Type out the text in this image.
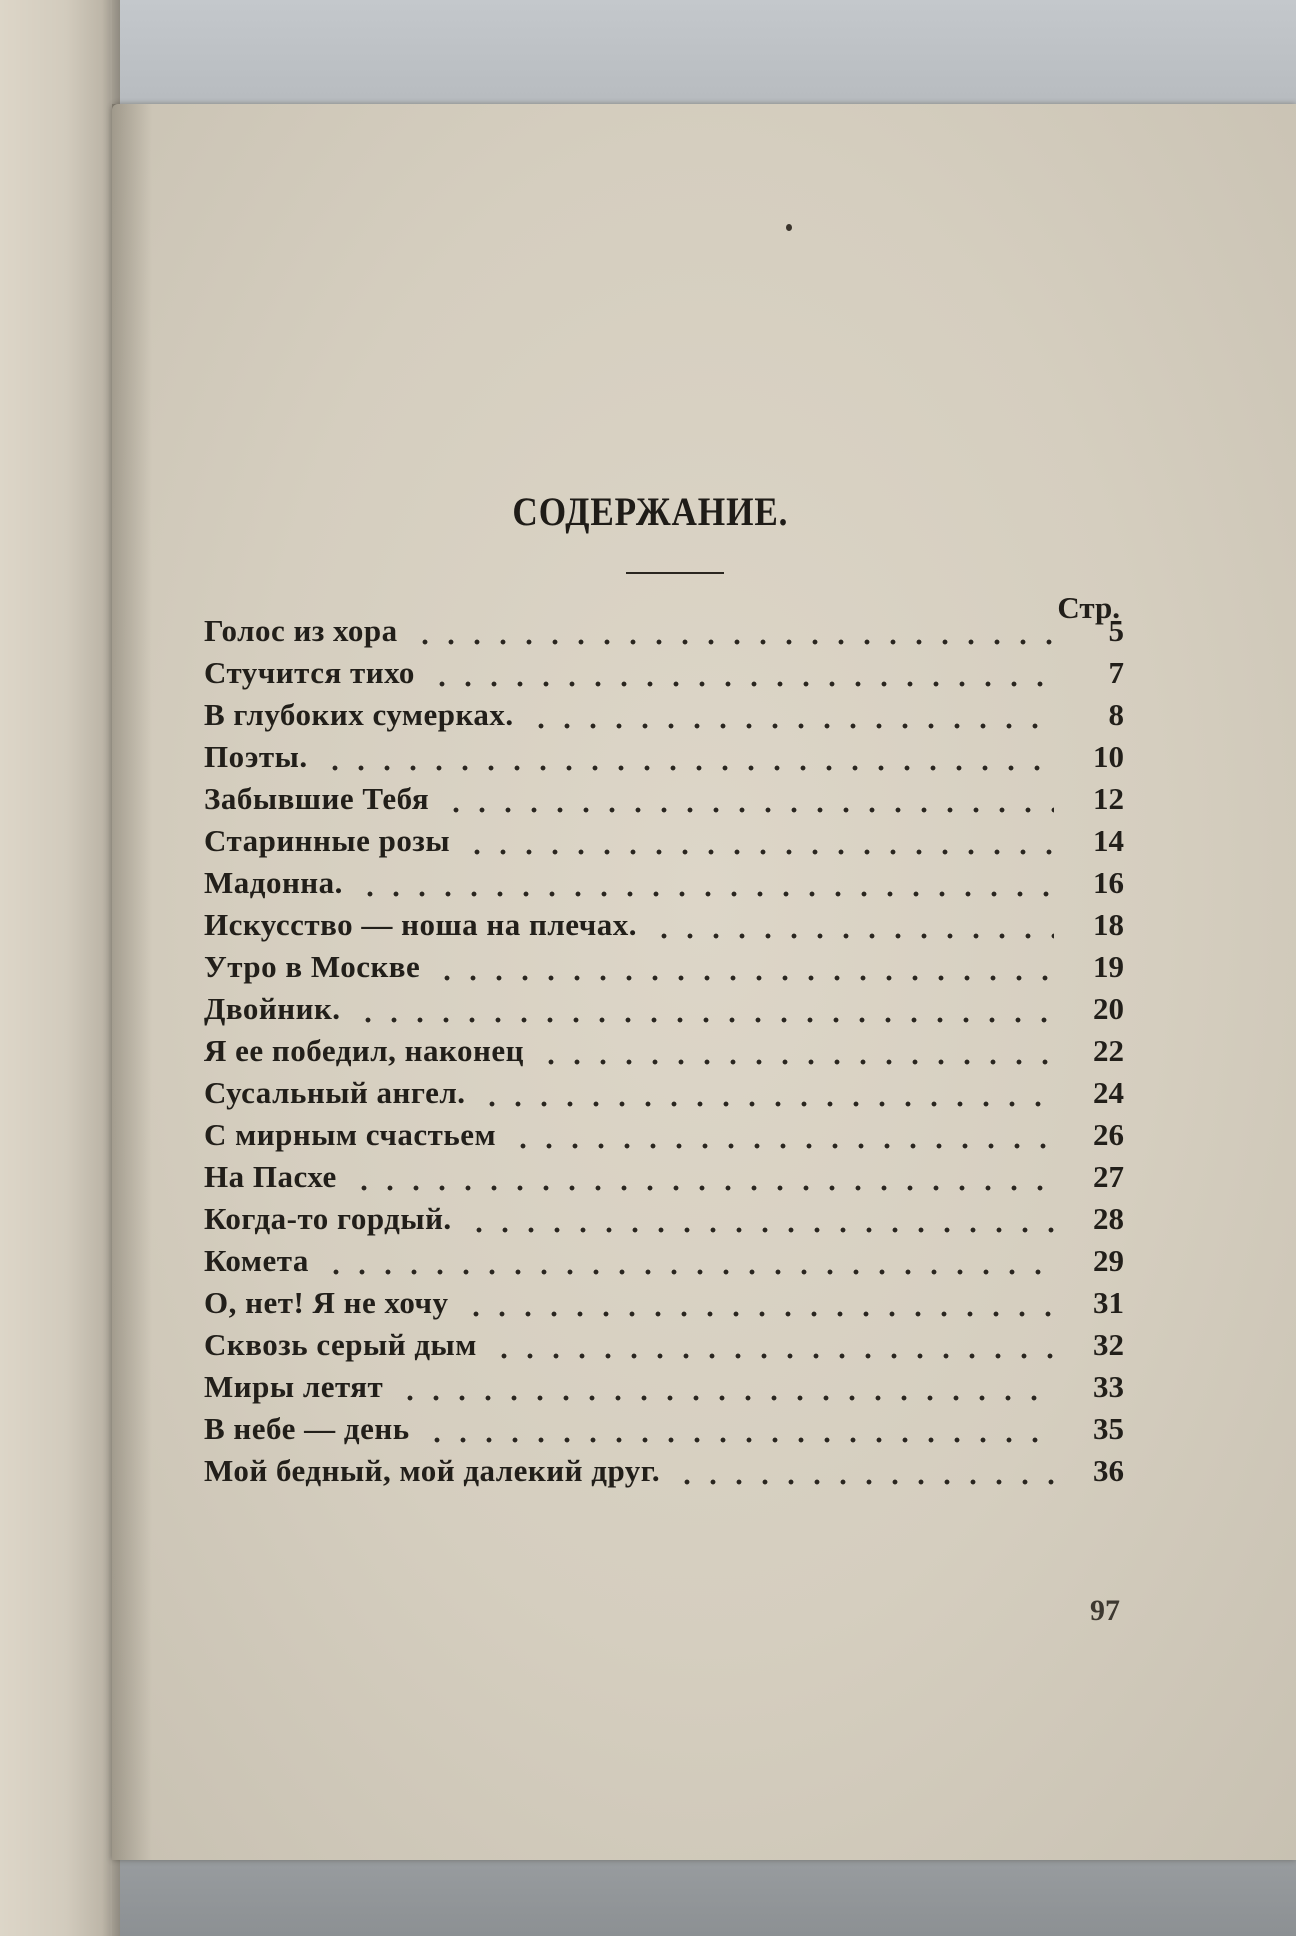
СОДЕРЖАНИЕ.
Стр.
Голос из хора	5
Стучится тихо	7
В глубоких сумерках.	8
Поэты.	10
Забывшие Тебя	12
Старинные розы	14
Мадонна.	16
Искусство — ноша на плечах.	18
Утро в Москве	19
Двойник.	20
Я ее победил, наконец	22
Сусальный ангел.	24
С мирным счастьем	26
На Пасхе	27
Когда-то гордый.	28
Комета	29
О, нет! Я не хочу	31
Сквозь серый дым	32
Миры летят	33
В небе — день	35
Мой бедный, мой далекий друг.	36
97
